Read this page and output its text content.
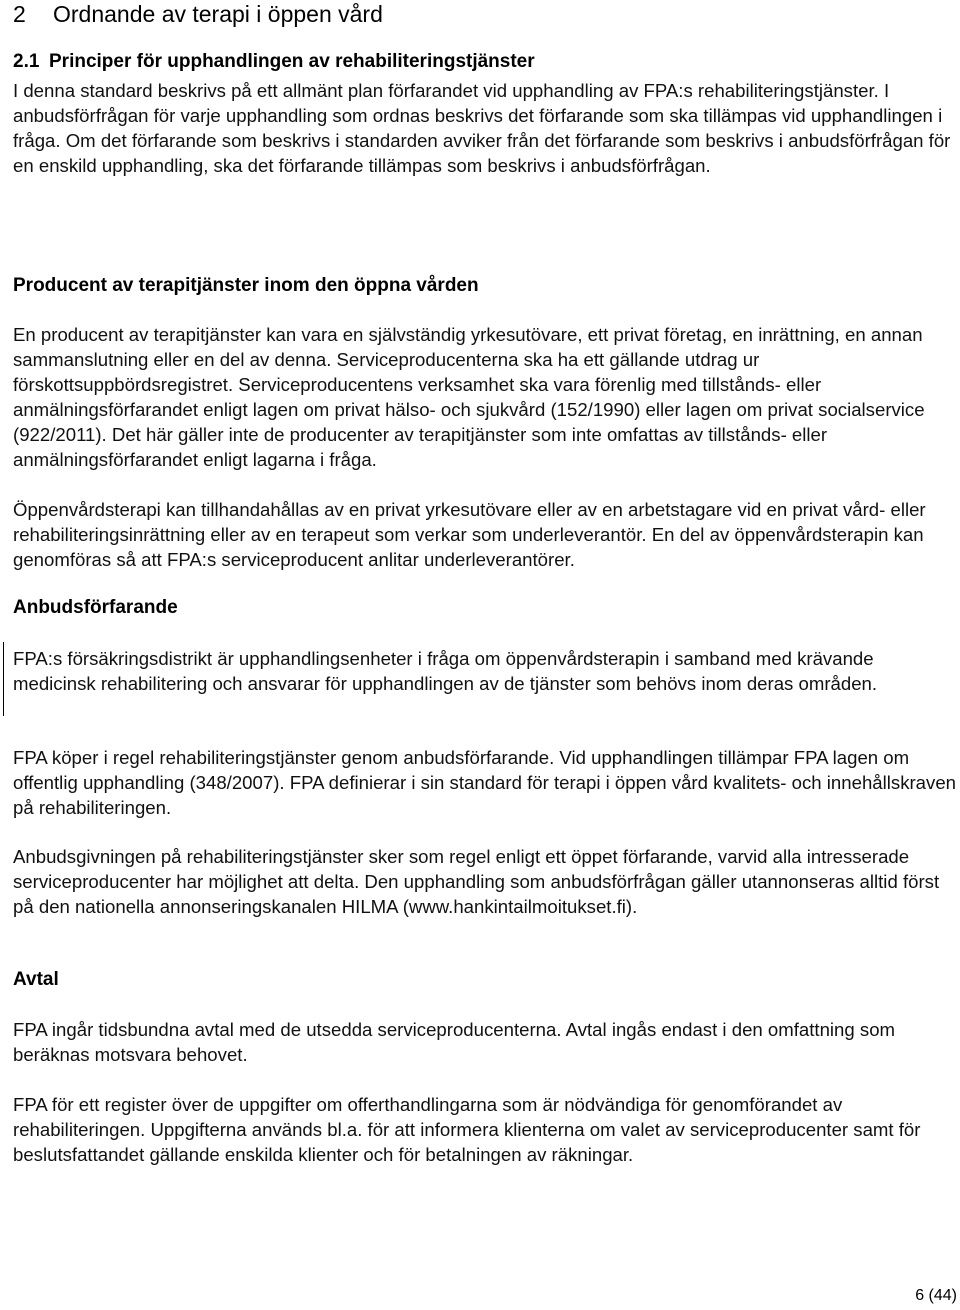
2 Ordnande av terapi i öppen vård
2.1 Principer för upphandlingen av rehabiliteringstjänster

I denna standard beskrivs på ett allmänt plan förfarandet vid upphandling av FPA:s rehabiliteringstjänster. I anbudsförfrågan för varje upphandling som ordnas beskrivs det förfarande som ska tillämpas vid upphandlingen i fråga. Om det förfarande som beskrivs i standarden avviker från det förfarande som beskrivs i anbudsförfrågan för en enskild upphandling, ska det förfarande tillämpas som beskrivs i anbudsförfrågan.

Producent av terapitjänster inom den öppna vården

En producent av terapitjänster kan vara en självständig yrkesutövare, ett privat företag, en inrättning, en annan sammanslutning eller en del av denna. Serviceproducenterna ska ha ett gällande utdrag ur förskottsuppbördsregistret. Serviceproducentens verksamhet ska vara förenlig med tillstånds- eller anmälningsförfarandet enligt lagen om privat hälso- och sjukvård (152/1990) eller lagen om privat socialservice (922/2011). Det här gäller inte de producenter av terapitjänster som inte omfattas av tillstånds- eller anmälningsförfarandet enligt lagarna i fråga.

Öppenvårdsterapi kan tillhandahållas av en privat yrkesutövare eller av en arbetstagare vid en privat vård- eller rehabiliteringsinrättning eller av en terapeut som verkar som underleverantör. En del av öppenvårdsterapin kan genomföras så att FPA:s serviceproducent anlitar underleverantörer.

Anbudsförfarande

FPA:s försäkringsdistrikt är upphandlingsenheter i fråga om öppenvårdsterapin i samband med krävande medicinsk rehabilitering och ansvarar för upphandlingen av de tjänster som behövs inom deras områden.

FPA köper i regel rehabiliteringstjänster genom anbudsförfarande. Vid upphandlingen tillämpar FPA lagen om offentlig upphandling (348/2007). FPA definierar i sin standard för terapi i öppen vård kvalitets- och innehållskraven på rehabiliteringen.

Anbudsgivningen på rehabiliteringstjänster sker som regel enligt ett öppet förfarande, varvid alla intresserade serviceproducenter har möjlighet att delta. Den upphandling som anbudsförfrågan gäller utannonseras alltid först på den nationella annonseringskanalen HILMA (www.hankintailmoitukset.fi).

Avtal

FPA ingår tidsbundna avtal med de utsedda serviceproducenterna. Avtal ingås endast i den omfattning som beräknas motsvara behovet.

FPA för ett register över de uppgifter om offerthandlingarna som är nödvändiga för genomförandet av rehabiliteringen. Uppgifterna används bl.a. för att informera klienterna om valet av serviceproducenter samt för beslutsfattandet gällande enskilda klienter och för betalningen av räkningar.

6 (44)
